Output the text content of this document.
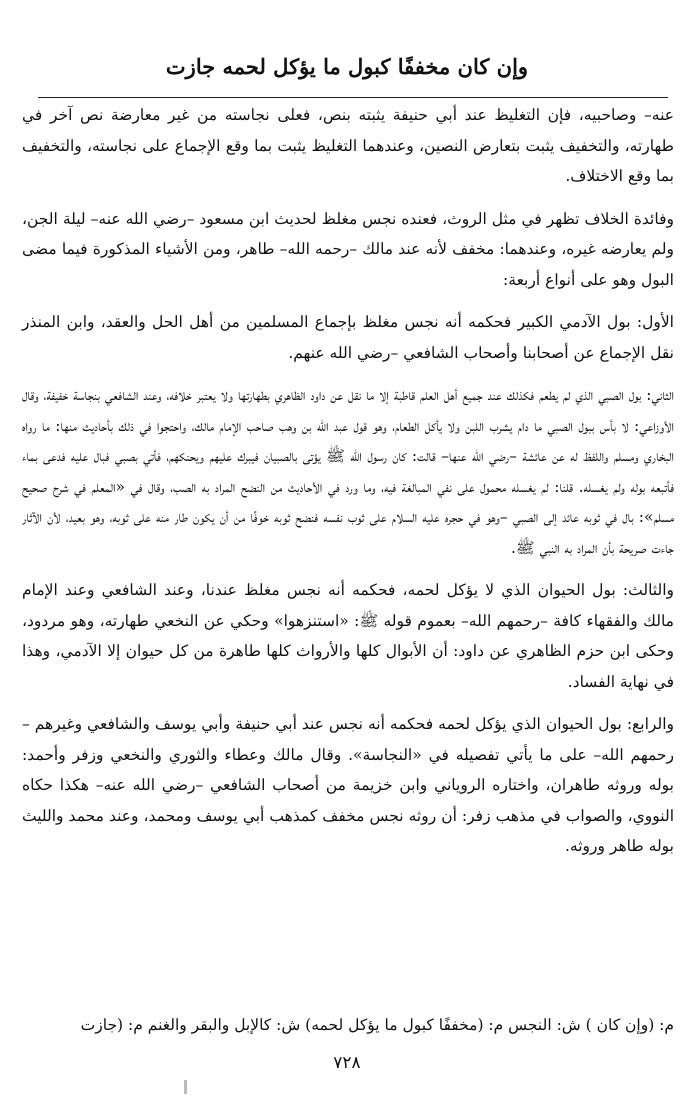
وإن كان مخففًا كبول ما يؤكل لحمه جازت

عنه– وصاحبيه، فإن التغليظ عند أبي حنيفة يثبته بنص، فعلى نجاسته من غير معارضة نص آخر في طهارته، والتخفيف يثبت بتعارض النصين، وعندهما التغليظ يثبت بما وقع الإجماع على نجاسته، والتخفيف بما وقع الاختلاف.

وفائدة الخلاف تظهر في مثل الروث، فعنده نجس مغلظ لحديث ابن مسعود –رضي الله عنه– ليلة الجن، ولم يعارضه غيره، وعندهما: مخفف لأنه عند مالك –رحمه الله– طاهر، ومن الأشياء المذكورة فيما مضى البول وهو على أنواع أربعة:

الأول: بول الآدمي الكبير فحكمه أنه نجس مغلظ بإجماع المسلمين من أهل الحل والعقد، وابن المنذر نقل الإجماع عن أصحابنا وأصحاب الشافعي –رضي الله عنهم.

الثاني: بول الصبي الذي لم يطعم فكذلك عند جميع أهل العلم قاطبة إلا ما نقل عن داود الظاهري بطهارتها ولا يعتبر خلافه، وعند الشافعي بنجاسة خفيفة، وقال الأوزاعي: لا بأس ببول الصبي ما دام يشرب اللبن ولا يأكل الطعام، وهو قول عبد الله بن وهب صاحب الإمام مالك، واحتجوا في ذلك بأحاديث منها: ما رواه البخاري ومسلم واللفظ له عن عائشة –رضي الله عنها– قالت: كان رسول الله ﷺ يؤتى بالصبيان فيبرك عليهم ويحنكهم، فأتي بصبي فبال عليه فدعى بماء فأتبعه بوله ولم يغسله. قلنا: لم يغسله محمول على نفي المبالغة فيه، وما ورد في الأحاديث من النضح المراد به الصب، وقال في «المعلم في شرح صحيح مسلم»: بال في ثوبه عائد إلى الصبي –وهو في حجره عليه السلام على ثوب نفسه فنضح ثوبه خوفًا من أن يكون طار منه على ثوبه، وهو بعيد، لأن الآثار جاءت صريحة بأن المراد به النبي ﷺ.

والثالث: بول الحيوان الذي لا يؤكل لحمه، فحكمه أنه نجس مغلظ عندنا، وعند الشافعي وعند الإمام مالك والفقهاء كافة –رحمهم الله– بعموم قوله ﷺ: «استنزهوا» وحكي عن النخعي طهارته، وهو مردود، وحكى ابن حزم الظاهري عن داود: أن الأبوال كلها والأرواث كلها طاهرة من كل حيوان إلا الآدمي، وهذا في نهاية الفساد.

والرابع: بول الحيوان الذي يؤكل لحمه فحكمه أنه نجس عند أبي حنيفة وأبي يوسف والشافعي وغيرهم –رحمهم الله– على ما يأتي تفصيله في «النجاسة». وقال مالك وعطاء والثوري والنخعي وزفر وأحمد: بوله وروثه طاهران، واختاره الروياني وابن خزيمة من أصحاب الشافعي –رضي الله عنه– هكذا حكاه النووي، والصواب في مذهب زفر: أن روثه نجس مخفف كمذهب أبي يوسف ومحمد، وعند محمد والليث بوله طاهر وروثه.

م: (وإن كان ) ش: النجس م: (مخففًا كبول ما يؤكل لحمه) ش: كالإبل والبقر والغنم م: (جازت
٧٢٨
